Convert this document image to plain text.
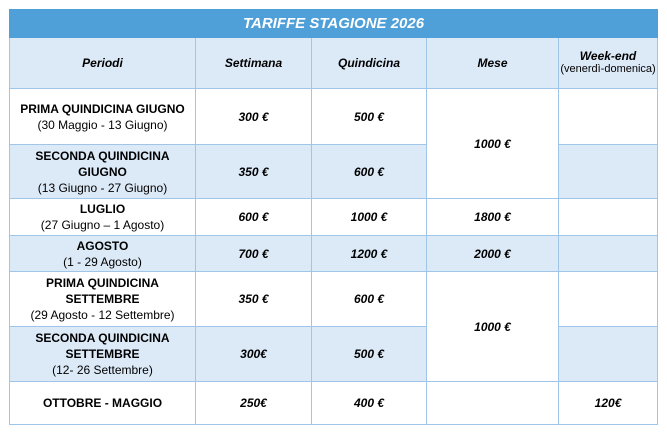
TARIFFE STAGIONE 2026				
Periodi	Settimana	Quindicina	Mese	Week-end
(venerdì-domenica)

PRIMA QUINDICINA GIUGNO
(30 Maggio - 13 Giugno)	300 €	500 €	1000 €	

SECONDA QUINDICINA GIUGNO
(13 Giugno - 27 Giugno)	350 €	600 €		

LUGLIO
(27 Giugno – 1 Agosto)	600 €	1000 €	1800 €	

AGOSTO
(1 - 29 Agosto)	700 €	1200 €	2000 €	

PRIMA QUINDICINA SETTEMBRE
(29 Agosto - 12 Settembre)	350 €	600 €	1000 €	

SECONDA QUINDICINA SETTEMBRE
(12- 26 Settembre)	300€	500 €		

OTTOBRE - MAGGIO	250€	400 €		120€
